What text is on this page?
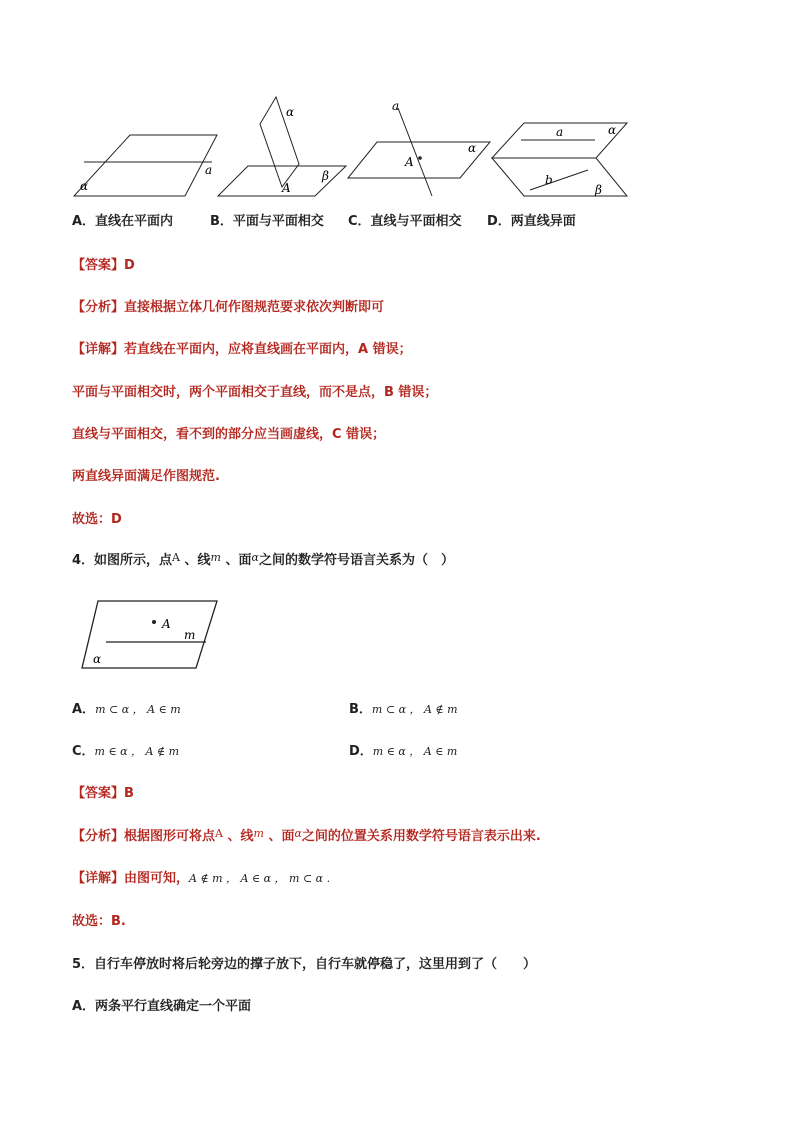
α
a
α
A
β
a
A
α
a	α
b
β
A．直线在平面内	B．平面与平面相交 C．直线与平面相交 D．两直线异面
【答案】D
【分析】直接根据立体几何作图规范要求依次判断即可
【详解】若直线在平面内，应将直线画在平面内，A 错误；
平面与平面相交时，两个平面相交于直线，而不是点，B 错误；
直线与平面相交，看不到的部分应当画虚线，C 错误；
两直线异面满足作图规范.
故选：D
4．如图所示，点$^A$ 、线$^m$ 、面$^\alpha$之间的数学符号语言关系为（　）
A
m
α
A．m ⊂ α ， A ∈ m	B．m ⊂ α ， A ∉ m
C．m ∈ α ， A ∉ m	D．m ∈ α ， A ∈ m
【答案】B
【分析】根据图形可将点$^A$ 、线$^m$ 、面$^\alpha$之间的位置关系用数学符号语言表示出来.
【详解】由图可知，A ∉ m ， A ∈ α ， m ⊂ α .
故选：B.
5．自行车停放时将后轮旁边的撑子放下，自行车就停稳了，这里用到了（　　）
A．两条平行直线确定一个平面
